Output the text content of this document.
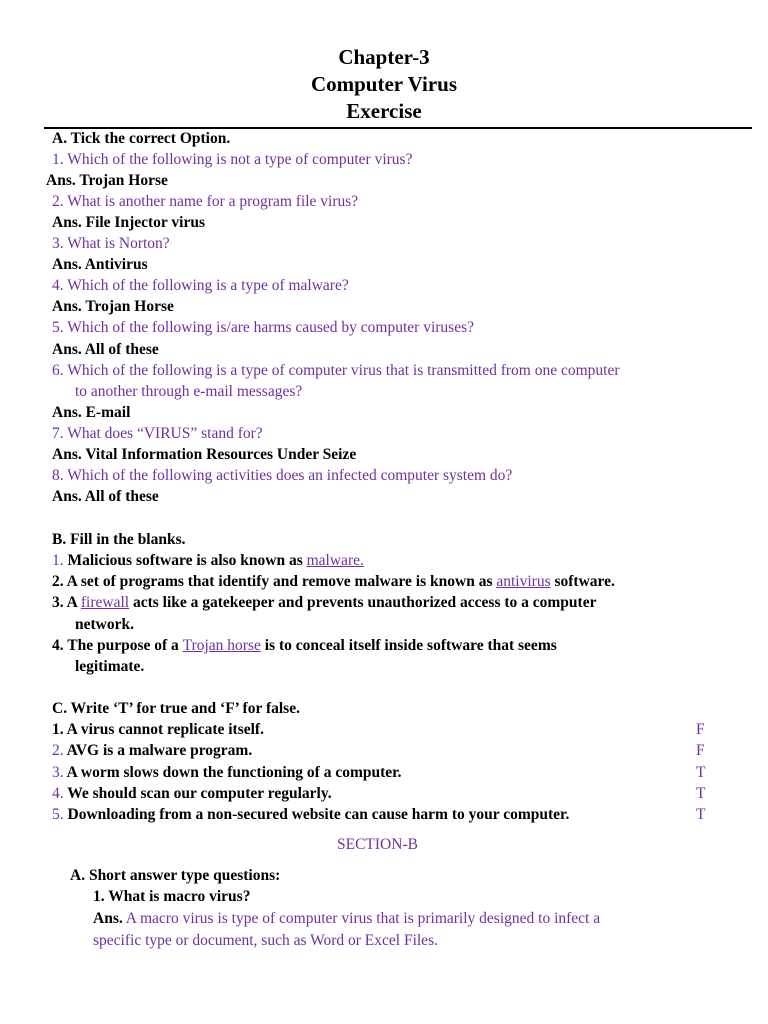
Chapter-3
Computer Virus
Exercise
A. Tick the correct Option.
1. Which of the following is not a type of computer virus?
Ans. Trojan Horse
2. What is another name for a program file virus?
Ans. File Injector virus
3. What is Norton?
Ans. Antivirus
4. Which of the following is a type of malware?
Ans. Trojan Horse
5. Which of the following is/are harms caused by computer viruses?
Ans. All of these
6. Which of the following is a type of computer virus that is transmitted from one computer
to another through e-mail messages?
Ans. E-mail
7. What does “VIRUS” stand for?
Ans. Vital Information Resources Under Seize
8. Which of the following activities does an infected computer system do?
Ans. All of these
B. Fill in the blanks.
1. Malicious software is also known as malware.
2. A set of programs that identify and remove malware is known as antivirus software.
3. A firewall acts like a gatekeeper and prevents unauthorized access to a computer
network.
4. The purpose of a Trojan horse is to conceal itself inside software that seems
legitimate.
C. Write ‘T’ for true and ‘F’ for false.
1. A virus cannot replicate itself.	F
2. AVG is a malware program.	F
3. A worm slows down the functioning of a computer.	T
4. We should scan our computer regularly.	T
5. Downloading from a non-secured website can cause harm to your computer.	T
SECTION-B
A. Short answer type questions:
1. What is macro virus?
Ans. A macro virus is type of computer virus that is primarily designed to infect a
specific type or document, such as Word or Excel Files.
